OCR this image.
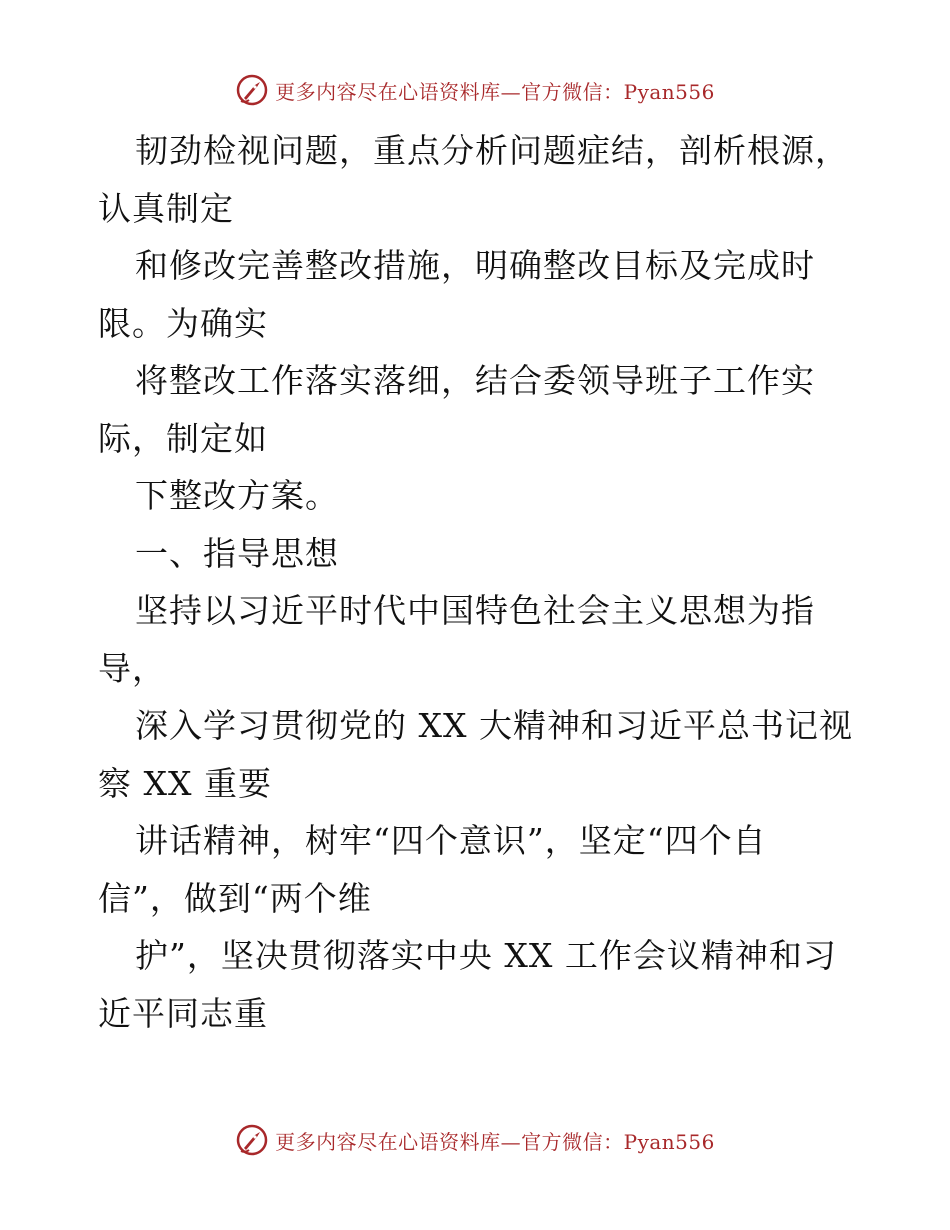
更多内容尽在心语资料库—官方微信：Pyan556
韧劲检视问题，重点分析问题症结，剖析根源，
认真制定
和修改完善整改措施，明确整改目标及完成时
限。为确实
将整改工作落实落细，结合委领导班子工作实
际，制定如
下整改方案。
一、指导思想
坚持以习近平时代中国特色社会主义思想为指
导，
深入学习贯彻党的 XX 大精神和习近平总书记视
察 XX 重要
讲话精神，树牢“四个意识”，坚定“四个自
信”，做到“两个维
护”，坚决贯彻落实中央 XX 工作会议精神和习
近平同志重
更多内容尽在心语资料库—官方微信：Pyan556
